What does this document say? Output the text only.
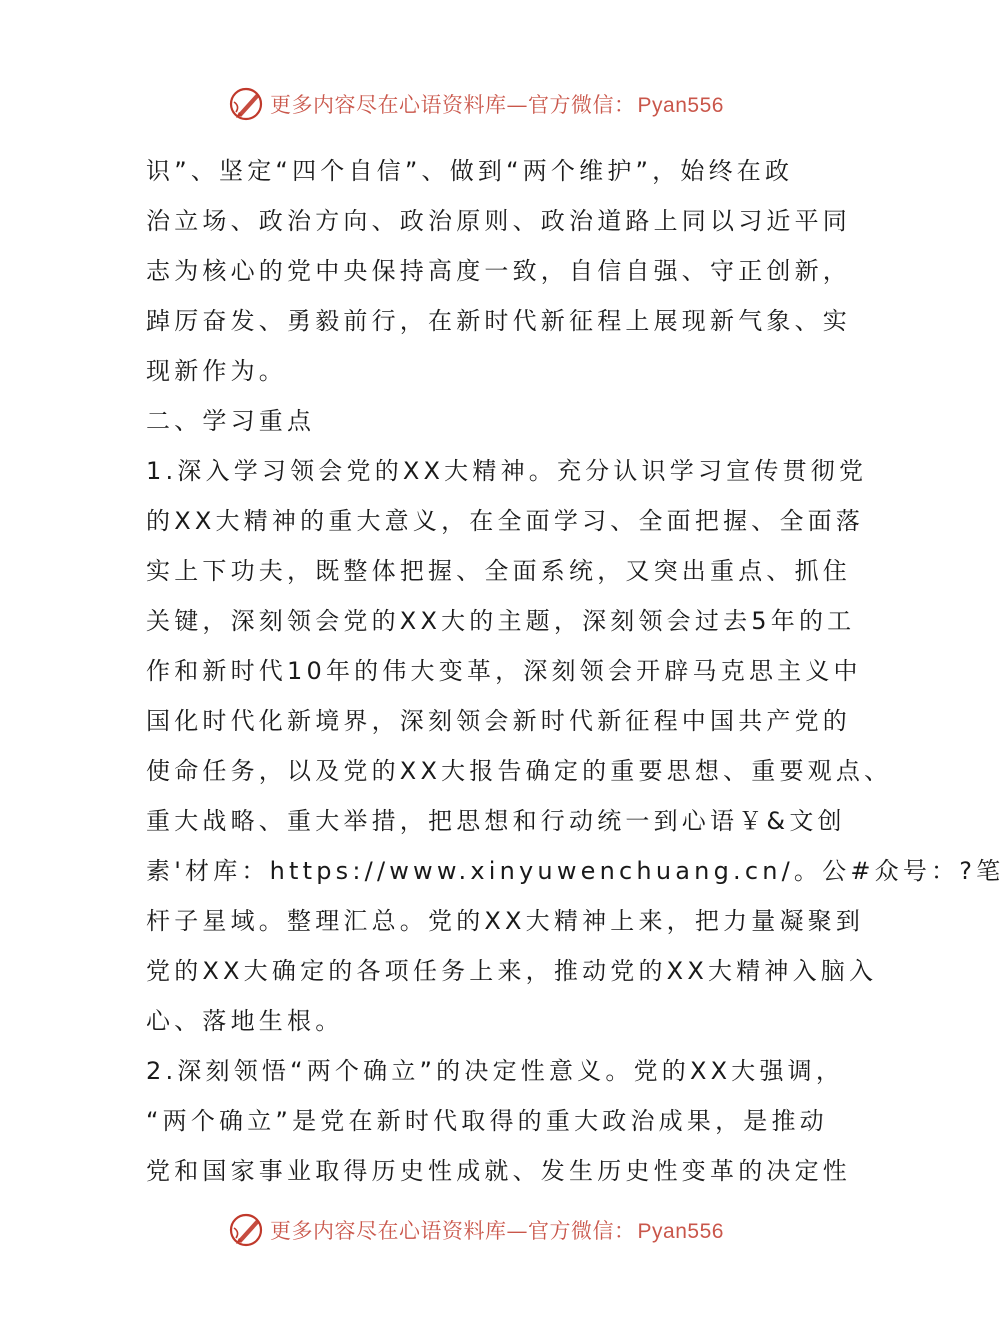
更多内容尽在心语资料库—官方微信： Pyan556
识”、坚定“四个自信”、做到“两个维护”，始终在政
治立场、政治方向、政治原则、政治道路上同以习近平同
志为核心的党中央保持高度一致，自信自强、守正创新，
踔厉奋发、勇毅前行，在新时代新征程上展现新气象、实
现新作为。
二、学习重点
1.深入学习领会党的XX大精神。充分认识学习宣传贯彻党
的XX大精神的重大意义，在全面学习、全面把握、全面落
实上下功夫，既整体把握、全面系统，又突出重点、抓住
关键，深刻领会党的XX大的主题，深刻领会过去5年的工
作和新时代10年的伟大变革，深刻领会开辟马克思主义中
国化时代化新境界，深刻领会新时代新征程中国共产党的
使命任务，以及党的XX大报告确定的重要思想、重要观点、
重大战略、重大举措，把思想和行动统一到心语￥&文创
素'材库：https://www.xinyuwenchuang.cn/。公#众号：?笔
杆子星域。整理汇总。党的XX大精神上来，把力量凝聚到
党的XX大确定的各项任务上来，推动党的XX大精神入脑入
心、落地生根。
2.深刻领悟“两个确立”的决定性意义。党的XX大强调，
“两个确立”是党在新时代取得的重大政治成果，是推动
党和国家事业取得历史性成就、发生历史性变革的决定性
更多内容尽在心语资料库—官方微信： Pyan556
